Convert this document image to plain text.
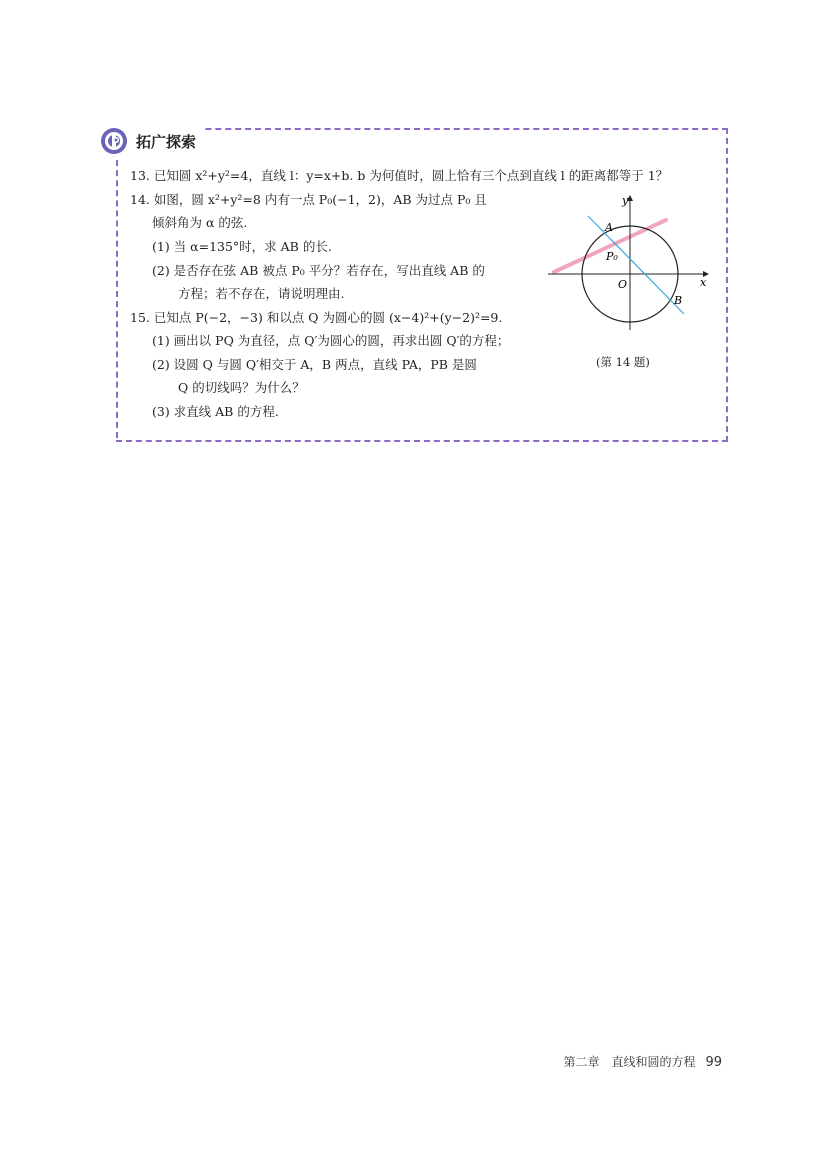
拓广探索
13. 已知圆 x²+y²=4，直线 l：y=x+b. b 为何值时，圆上恰有三个点到直线 l 的距离都等于 1？
14. 如图，圆 x²+y²=8 内有一点 P₀(−1，2)，AB 为过点 P₀ 且
倾斜角为 α 的弦.
(1) 当 α=135°时，求 AB 的长.
(2) 是否存在弦 AB 被点 P₀ 平分？若存在，写出直线 AB 的
方程；若不存在，请说明理由.
15. 已知点 P(−2，−3) 和以点 Q 为圆心的圆 (x−4)²+(y−2)²=9.
(1) 画出以 PQ 为直径，点 Q′为圆心的圆，再求出圆 Q′的方程；
(2) 设圆 Q 与圆 Q′相交于 A，B 两点，直线 PA，PB 是圆
Q 的切线吗？为什么？
(3) 求直线 AB 的方程.
y
x
A
B
P₀
O
(第 14 题)
第二章　直线和圆的方程 99
